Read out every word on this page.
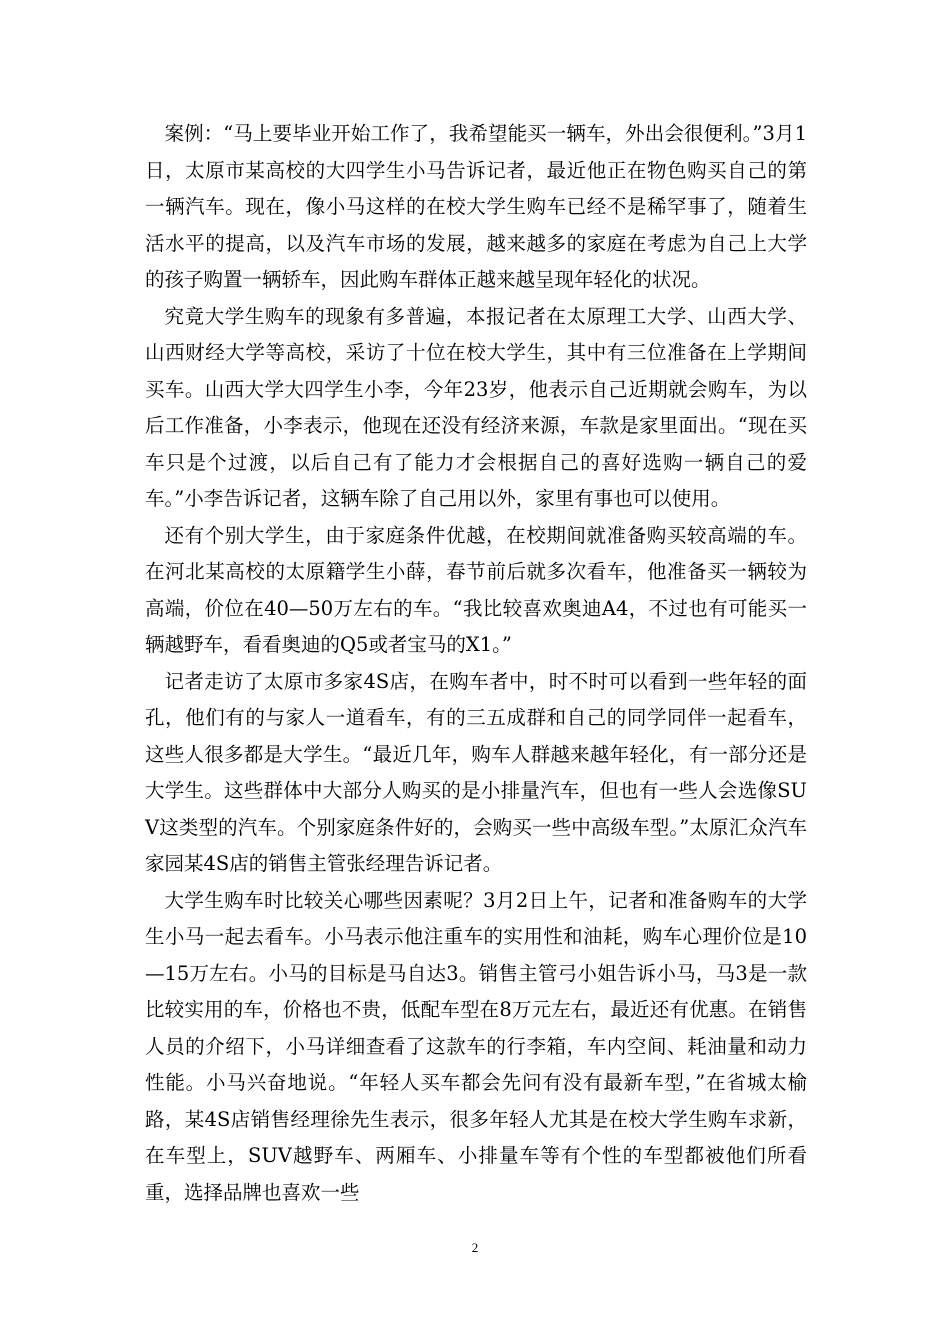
案例：“马上要毕业开始工作了，我希望能买一辆车，外出会很便利。”3月1日，太原市某高校的大四学生小马告诉记者，最近他正在物色购买自己的第一辆汽车。现在，像小马这样的在校大学生购车已经不是稀罕事了，随着生活水平的提高，以及汽车市场的发展，越来越多的家庭在考虑为自己上大学的孩子购置一辆轿车，因此购车群体正越来越呈现年轻化的状况。

究竟大学生购车的现象有多普遍，本报记者在太原理工大学、山西大学、山西财经大学等高校，采访了十位在校大学生，其中有三位准备在上学期间买车。山西大学大四学生小李，今年23岁，他表示自己近期就会购车，为以后工作准备，小李表示，他现在还没有经济来源，车款是家里面出。“现在买车只是个过渡，以后自己有了能力才会根据自己的喜好选购一辆自己的爱车。”小李告诉记者，这辆车除了自己用以外，家里有事也可以使用。

还有个别大学生，由于家庭条件优越，在校期间就准备购买较高端的车。在河北某高校的太原籍学生小薛，春节前后就多次看车，他准备买一辆较为高端，价位在40—50万左右的车。“我比较喜欢奥迪A4，不过也有可能买一辆越野车，看看奥迪的Q5或者宝马的X1。”

记者走访了太原市多家4S店，在购车者中，时不时可以看到一些年轻的面孔，他们有的与家人一道看车，有的三五成群和自己的同学同伴一起看车，这些人很多都是大学生。“最近几年，购车人群越来越年轻化，有一部分还是大学生。这些群体中大部分人购买的是小排量汽车，但也有一些人会选像SUV这类型的汽车。个别家庭条件好的，会购买一些中高级车型。”太原汇众汽车家园某4S店的销售主管张经理告诉记者。

大学生购车时比较关心哪些因素呢？3月2日上午，记者和准备购车的大学生小马一起去看车。小马表示他注重车的实用性和油耗，购车心理价位是10—15万左右。小马的目标是马自达3。销售主管弓小姐告诉小马，马3是一款比较实用的车，价格也不贵，低配车型在8万元左右，最近还有优惠。在销售人员的介绍下，小马详细查看了这款车的行李箱，车内空间、耗油量和动力性能。小马兴奋地说。“年轻人买车都会先问有没有最新车型，”在省城太榆路，某4S店销售经理徐先生表示，很多年轻人尤其是在校大学生购车求新，在车型上，SUV越野车、两厢车、小排量车等有个性的车型都被他们所看重，选择品牌也喜欢一些

2
